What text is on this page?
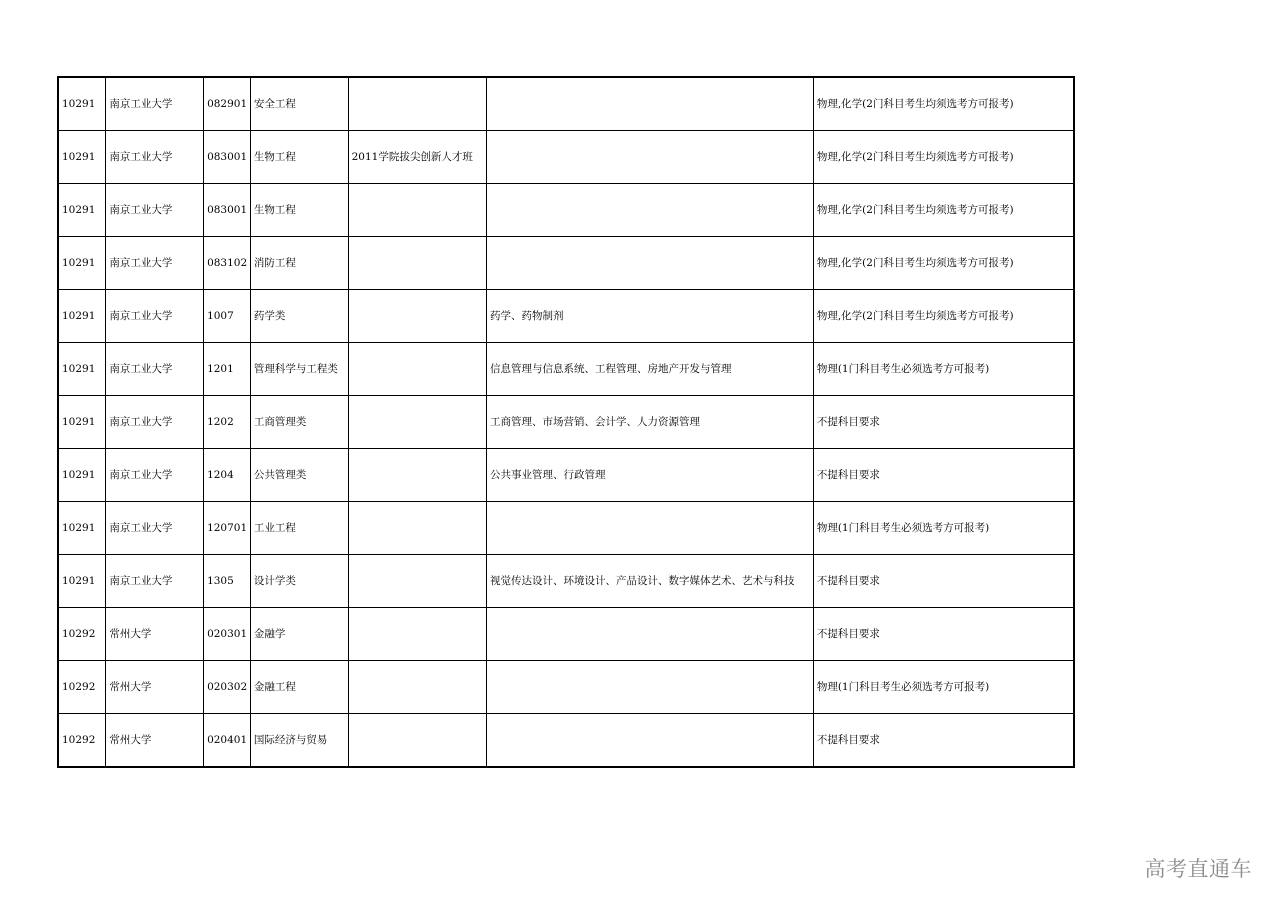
10291	南京工业大学	082901	安全工程			物理,化学(2门科目考生均须选考方可报考)
10291	南京工业大学	083001	生物工程	2011学院拔尖创新人才班		物理,化学(2门科目考生均须选考方可报考)
10291	南京工业大学	083001	生物工程			物理,化学(2门科目考生均须选考方可报考)
10291	南京工业大学	083102	消防工程			物理,化学(2门科目考生均须选考方可报考)
10291	南京工业大学	1007	药学类		药学、药物制剂	物理,化学(2门科目考生均须选考方可报考)
10291	南京工业大学	1201	管理科学与工程类		信息管理与信息系统、工程管理、房地产开发与管理	物理(1门科目考生必须选考方可报考)
10291	南京工业大学	1202	工商管理类		工商管理、市场营销、会计学、人力资源管理	不提科目要求
10291	南京工业大学	1204	公共管理类		公共事业管理、行政管理	不提科目要求
10291	南京工业大学	120701	工业工程			物理(1门科目考生必须选考方可报考)
10291	南京工业大学	1305	设计学类		视觉传达设计、环境设计、产品设计、数字媒体艺术、艺术与科技	不提科目要求
10292	常州大学	020301	金融学			不提科目要求
10292	常州大学	020302	金融工程			物理(1门科目考生必须选考方可报考)
10292	常州大学	020401	国际经济与贸易			不提科目要求
高考直通车
